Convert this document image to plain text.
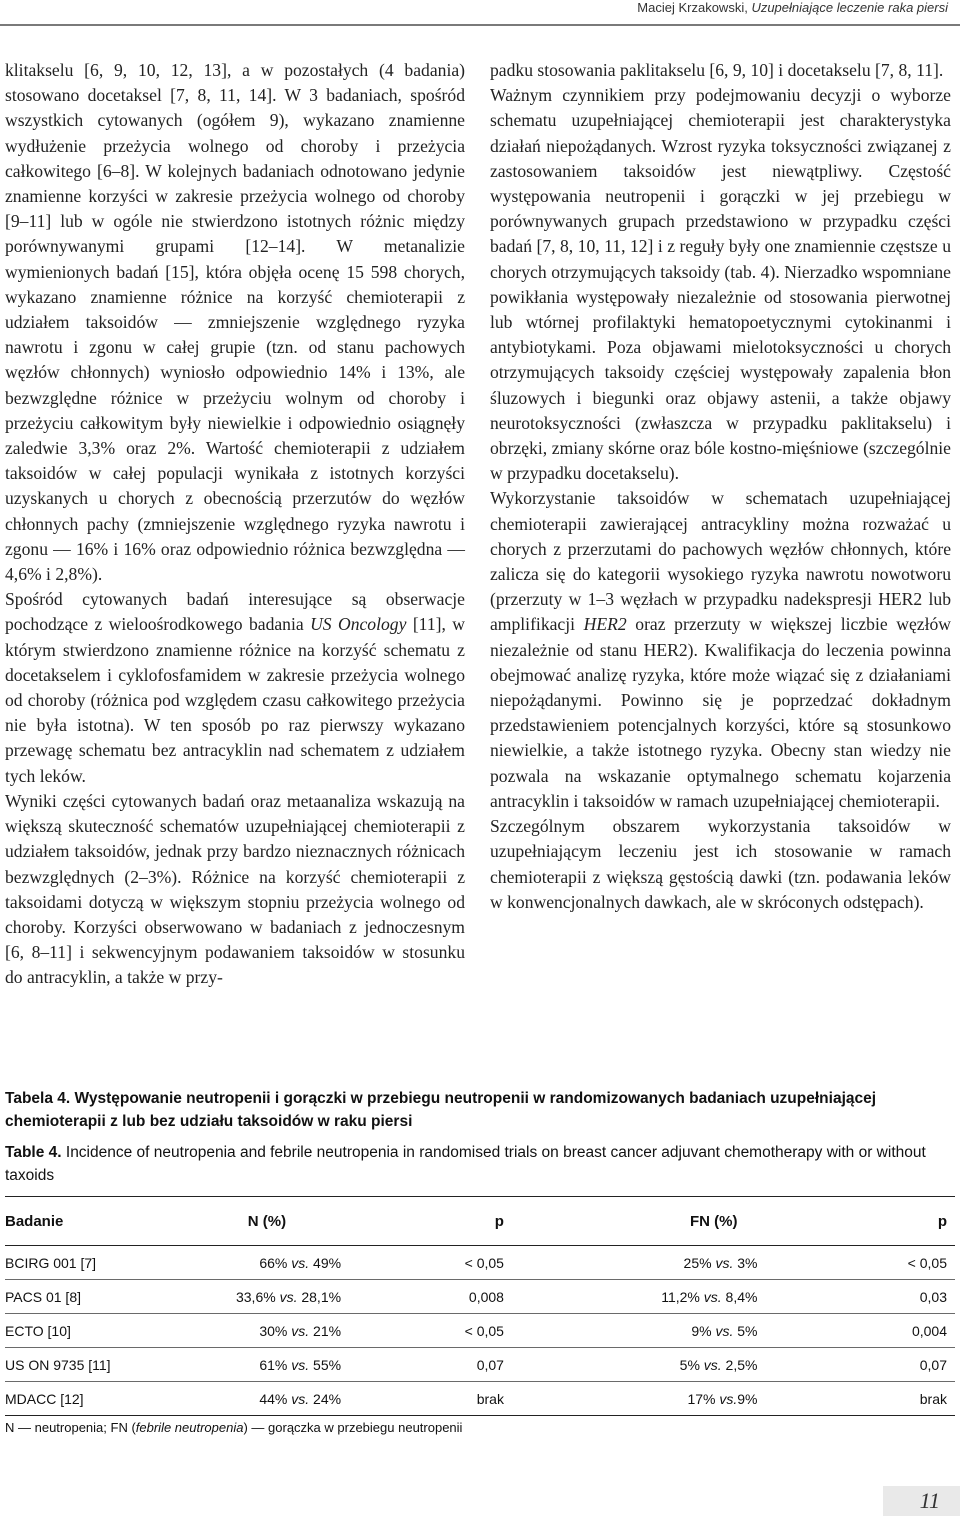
Maciej Krzakowski, Uzupełniające leczenie raka piersi

klitakselu [6, 9, 10, 12, 13], a w pozostałych (4 badania) stosowano docetaksel [7, 8, 11, 14]. W 3 badaniach, spośród wszystkich cytowanych (ogółem 9), wykazano znamienne wydłużenie przeżycia wolnego od choroby i przeżycia całkowitego [6–8]. W kolejnych badaniach odnotowano jedynie znamienne korzyści w zakresie przeżycia wolnego od choroby [9–11] lub w ogóle nie stwierdzono istotnych różnic między porównywanymi grupami [12–14]. W metanalizie wymienionych badań [15], która objęła ocenę 15 598 chorych, wykazano znamienne różnice na korzyść chemioterapii z udziałem taksoidów — zmniejszenie względnego ryzyka nawrotu i zgonu w całej grupie (tzn. od stanu pachowych węzłów chłonnych) wyniosło odpowiednio 14% i 13%, ale bezwzględne różnice w przeżyciu wolnym od choroby i przeżyciu całkowitym były niewielkie i odpowiednio osiągnęły zaledwie 3,3% oraz 2%. Wartość chemioterapii z udziałem taksoidów w całej populacji wynikała z istotnych korzyści uzyskanych u chorych z obecnością przerzutów do węzłów chłonnych pachy (zmniejszenie względnego ryzyka nawrotu i zgonu — 16% i 16% oraz odpowiednio różnica bezwzględna — 4,6% i 2,8%).

Spośród cytowanych badań interesujące są obserwacje pochodzące z wieloośrodkowego badania US Oncology [11], w którym stwierdzono znamienne różnice na korzyść schematu z docetakselem i cyklofosfamidem w zakresie przeżycia wolnego od choroby (różnica pod względem czasu całkowitego przeżycia nie była istotna). W ten sposób po raz pierwszy wykazano przewagę schematu bez antracyklin nad schematem z udziałem tych leków.

Wyniki części cytowanych badań oraz metaanaliza wskazują na większą skuteczność schematów uzupełniającej chemioterapii z udziałem taksoidów, jednak przy bardzo nieznacznych różnicach bezwzględnych (2–3%). Różnice na korzyść chemioterapii z taksoidami dotyczą w większym stopniu przeżycia wolnego od choroby. Korzyści obserwowano w badaniach z jednoczesnym [6, 8–11] i sekwencyjnym podawaniem taksoidów w stosunku do antracyklin, a także w przy-

padku stosowania paklitakselu [6, 9, 10] i docetakselu [7, 8, 11].

Ważnym czynnikiem przy podejmowaniu decyzji o wyborze schematu uzupełniającej chemioterapii jest charakterystyka działań niepożądanych. Wzrost ryzyka toksyczności związanej z zastosowaniem taksoidów jest niewątpliwy. Częstość występowania neutropenii i gorączki w jej przebiegu w porównywanych grupach przedstawiono w przypadku części badań [7, 8, 10, 11, 12] i z reguły były one znamiennie częstsze u chorych otrzymujących taksoidy (tab. 4). Nierzadko wspomniane powikłania występowały niezależnie od stosowania pierwotnej lub wtórnej profilaktyki hematopoetycznymi cytokinanmi i antybiotykami. Poza objawami mielotoksyczności u chorych otrzymujących taksoidy częściej występowały zapalenia błon śluzowych i biegunki oraz objawy astenii, a także objawy neurotoksyczności (zwłaszcza w przypadku paklitakselu) i obrzęki, zmiany skórne oraz bóle kostno-mięśniowe (szczególnie w przypadku docetakselu).

Wykorzystanie taksoidów w schematach uzupełniającej chemioterapii zawierającej antracykliny można rozważać u chorych z przerzutami do pachowych węzłów chłonnych, które zalicza się do kategorii wysokiego ryzyka nawrotu nowotworu (przerzuty w 1–3 węzłach w przypadku nadekspresji HER2 lub amplifikacji HER2 oraz przerzuty w większej liczbie węzłów niezależnie od stanu HER2). Kwalifikacja do leczenia powinna obejmować analizę ryzyka, które może wiązać się z działaniami niepożądanymi. Powinno się je poprzedzać dokładnym przedstawieniem potencjalnych korzyści, które są stosunkowo niewielkie, a także istotnego ryzyka. Obecny stan wiedzy nie pozwala na wskazanie optymalnego schematu kojarzenia antracyklin i taksoidów w ramach uzupełniającej chemioterapii.

Szczególnym obszarem wykorzystania taksoidów w uzupełniającym leczeniu jest ich stosowanie w ramach chemioterapii z większą gęstością dawki (tzn. podawania leków w konwencjonalnych dawkach, ale w skróconych odstępach).

Tabela 4. Występowanie neutropenii i gorączki w przebiegu neutropenii w randomizowanych badaniach uzupełniającej chemioterapii z lub bez udziału taksoidów w raku piersi
Table 4. Incidence of neutropenia and febrile neutropenia in randomised trials on breast cancer adjuvant chemotherapy with or without taxoids
Badanie	N (%)	p	FN (%)	p
BCIRG 001 [7]	66% vs. 49%	< 0,05	25% vs. 3%	< 0,05
PACS 01 [8]	33,6% vs. 28,1%	0,008	11,2% vs. 8,4%	0,03
ECTO [10]	30% vs. 21%	< 0,05	9% vs. 5%	0,004
US ON 9735 [11]	61% vs. 55%	0,07	5% vs. 2,5%	0,07
MDACC [12]	44% vs. 24%	brak	17% vs.9%	brak
N — neutropenia; FN (febrile neutropenia) — gorączka w przebiegu neutropenii
11
